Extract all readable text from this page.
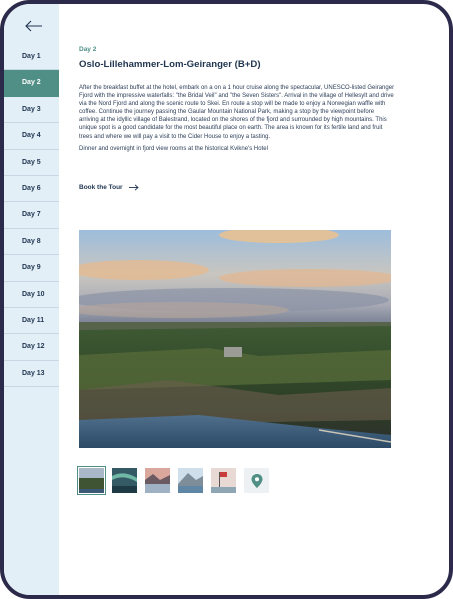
Day 1
Day 2
Day 3
Day 4
Day 5
Day 6
Day 7
Day 8
Day 9
Day 10
Day 11
Day 12
Day 13
Day 2
Oslo-Lillehammer-Lom-Geiranger (B+D)

After the breakfast buffet at the hotel, embark on a on a 1 hour cruise along the spectacular, UNESCO-listed Geiranger Fjord with the impressive waterfalls: "the Bridal Veil" and "the Seven Sisters". Arrival in the village of Hellesylt and drive via the Nord Fjord and along the scenic route to Skei. En route a stop will be made to enjoy a Norwegian waffle with coffee. Continue the journey passing the Gaular Mountain National Park, making a stop by the viewpoint before arriving at the idyllic village of Balestrand, located on the shores of the fjord and surrounded by high mountains. This unique spot is a good candidate for the most beautiful place on earth. The area is known for its fertile land and fruit trees and where we will pay a visit to the Cider House to enjoy a tasting.

Dinner and overnight in fjord view rooms at the historical Kvikne's Hotel

Book the Tour
